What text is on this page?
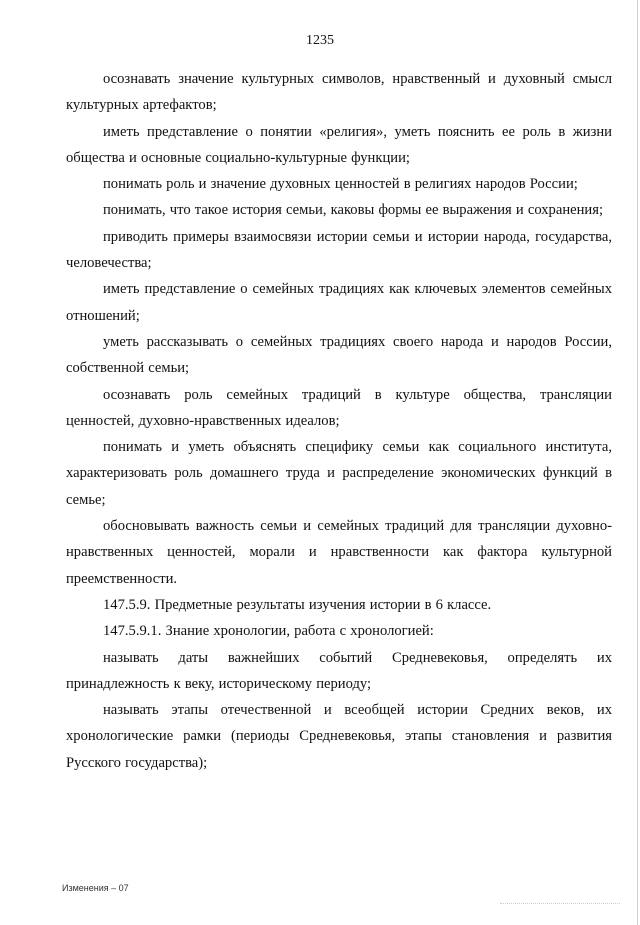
1235

осознавать значение культурных символов, нравственный и духовный смысл культурных артефактов;

иметь представление о понятии «религия», уметь пояснить ее роль в жизни общества и основные социально-культурные функции;

понимать роль и значение духовных ценностей в религиях народов России;

понимать, что такое история семьи, каковы формы ее выражения и сохранения;

приводить примеры взаимосвязи истории семьи и истории народа, государства, человечества;

иметь представление о семейных традициях как ключевых элементов семейных отношений;

уметь рассказывать о семейных традициях своего народа и народов России, собственной семьи;

осознавать роль семейных традиций в культуре общества, трансляции ценностей, духовно-нравственных идеалов;

понимать и уметь объяснять специфику семьи как социального института, характеризовать роль домашнего труда и распределение экономических функций в семье;

обосновывать важность семьи и семейных традиций для трансляции духовно-нравственных ценностей, морали и нравственности как фактора культурной преемственности.

147.5.9. Предметные результаты изучения истории в 6 классе.

147.5.9.1. Знание хронологии, работа с хронологией:

называть даты важнейших событий Средневековья, определять их принадлежность к веку, историческому периоду;

называть этапы отечественной и всеобщей истории Средних веков, их хронологические рамки (периоды Средневековья, этапы становления и развития Русского государства);

Изменения – 07
